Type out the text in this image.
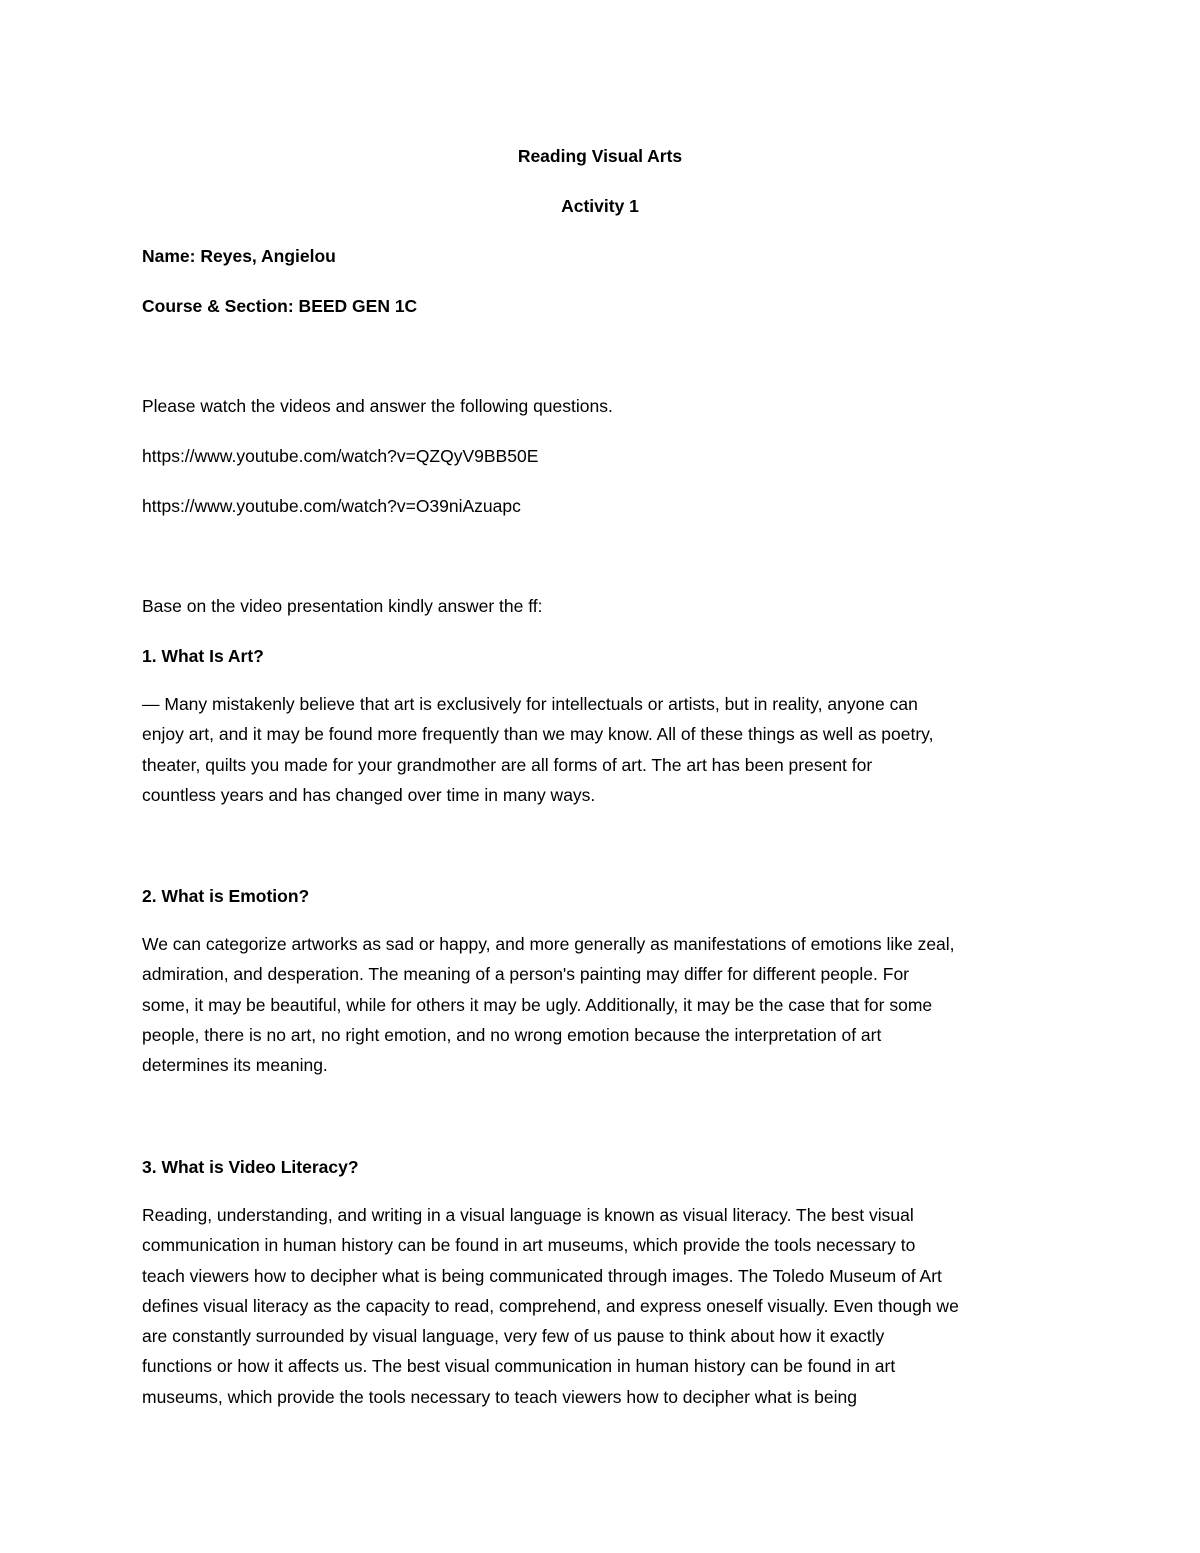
Reading Visual Arts
Activity 1
Name: Reyes, Angielou
Course & Section: BEED GEN 1C
Please watch the videos and answer the following questions.
https://www.youtube.com/watch?v=QZQyV9BB50E
https://www.youtube.com/watch?v=O39niAzuapc
Base on the video presentation kindly answer the ff:
1. What Is Art?
— Many mistakenly believe that art is exclusively for intellectuals or artists, but in reality, anyone can
enjoy art, and it may be found more frequently than we may know. All of these things as well as poetry,
theater, quilts you made for your grandmother are all forms of art. The art has been present for
countless years and has changed over time in many ways.
2. What is Emotion?
We can categorize artworks as sad or happy, and more generally as manifestations of emotions like zeal,
admiration, and desperation. The meaning of a person's painting may differ for different people. For
some, it may be beautiful, while for others it may be ugly. Additionally, it may be the case that for some
people, there is no art, no right emotion, and no wrong emotion because the interpretation of art
determines its meaning.
3. What is Video Literacy?
Reading, understanding, and writing in a visual language is known as visual literacy. The best visual
communication in human history can be found in art museums, which provide the tools necessary to
teach viewers how to decipher what is being communicated through images. The Toledo Museum of Art
defines visual literacy as the capacity to read, comprehend, and express oneself visually. Even though we
are constantly surrounded by visual language, very few of us pause to think about how it exactly
functions or how it affects us. The best visual communication in human history can be found in art
museums, which provide the tools necessary to teach viewers how to decipher what is being
